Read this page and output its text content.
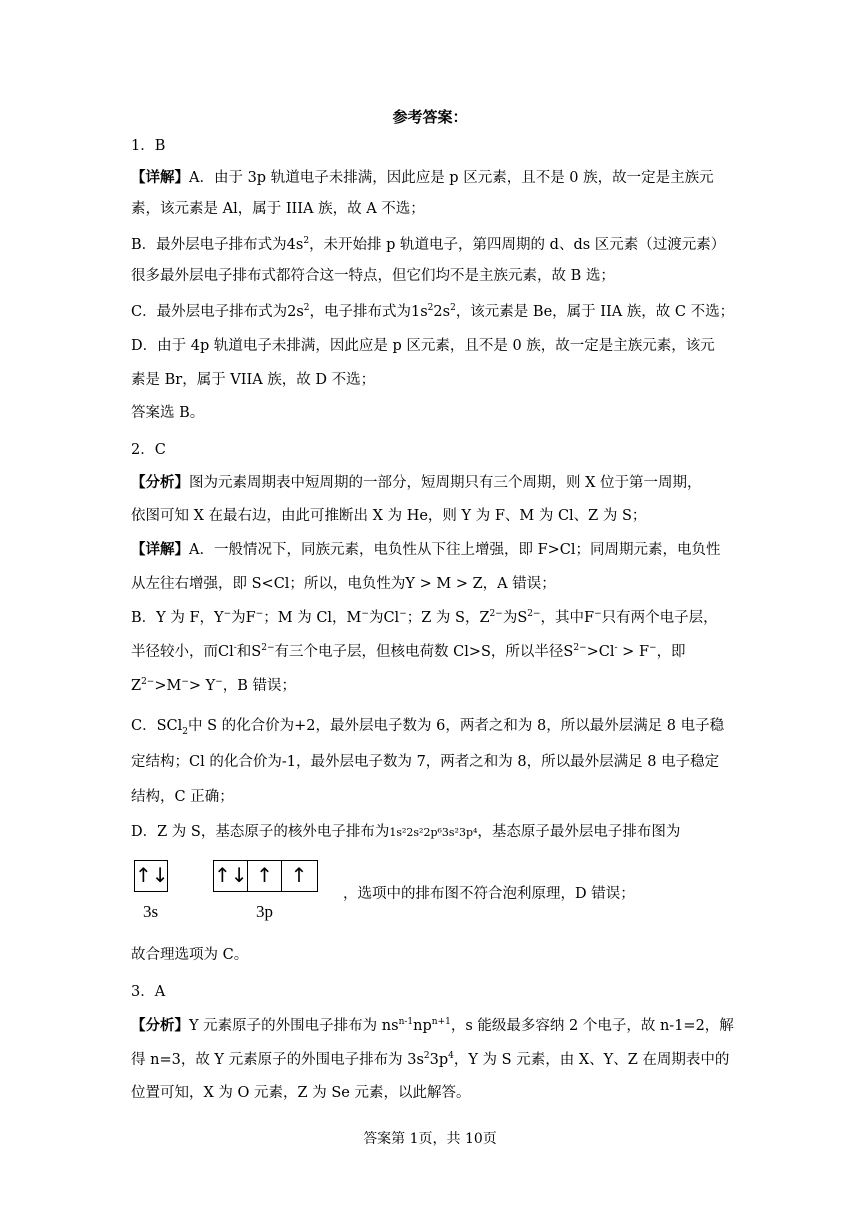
参考答案：
1．B
【详解】A．由于 3p 轨道电子未排满，因此应是 p 区元素，且不是 0 族，故一定是主族元
素，该元素是 Al，属于 IIIA 族，故 A 不选；
B．最外层电子排布式为$4s^2$，未开始排 p 轨道电子，第四周期的 d、ds 区元素（过渡元素）
很多最外层电子排布式都符合这一特点，但它们均不是主族元素，故 B 选；
C．最外层电子排布式为$2s^2$，电子排布式为$1s^22s^2$，该元素是 Be，属于 IIA 族，故 C 不选；
D．由于 4p 轨道电子未排满，因此应是 p 区元素，且不是 0 族，故一定是主族元素，该元
素是 Br，属于 VIIA 族，故 D 不选；
答案选 B。
2．C
【分析】图为元素周期表中短周期的一部分，短周期只有三个周期，则 X 位于第一周期，
依图可知 X 在最右边，由此可推断出 X 为 He，则 Y 为 F、M 为 Cl、Z 为 S；
【详解】A．一般情况下，同族元素，电负性从下往上增强，即 F>Cl；同周期元素，电负性
从左往右增强，即 S<Cl；所以，电负性为Y > M > Z，A 错误；
B．Y 为 F，Y−为F−；M 为 Cl，M−为Cl−；Z 为 S，$Z^{2-}$为$S^{2-}$，其中F−只有两个电子层，
半径较小，而Cl-和$S^{2-}$有三个电子层，但核电荷数 Cl>S，所以半径$S^{2-}>Cl^- > F^-$，即
$Z^{2-}>M^-> Y^-$，B 错误；
C．SCl$_2$中 S 的化合价为+2，最外层电子数为 6，两者之和为 8，所以最外层满足 8 电子稳
定结构；Cl 的化合价为-1，最外层电子数为 7，两者之和为 8，所以最外层满足 8 电子稳定
结构，C 正确；
D．Z 为 S，基态原子的核外电子排布为1s²2s²2p⁶3s²3p⁴，基态原子最外层电子排布图为
↑↓ ↑↓ ↑ ↑
3s	3p
，选项中的排布图不符合泡利原理，D 错误；
故合理选项为 C。
3．A
【分析】Y 元素原子的外围电子排布为 $ns^{n-1}np^{n+1}$，s 能级最多容纳 2 个电子，故 n-1=2，解
得 n=3，故 Y 元素原子的外围电子排布为 $3s^23p^4$，Y 为 S 元素，由 X、Y、Z 在周期表中的
位置可知，X 为 O 元素，Z 为 Se 元素，以此解答。
答案第 1页，共 10页
